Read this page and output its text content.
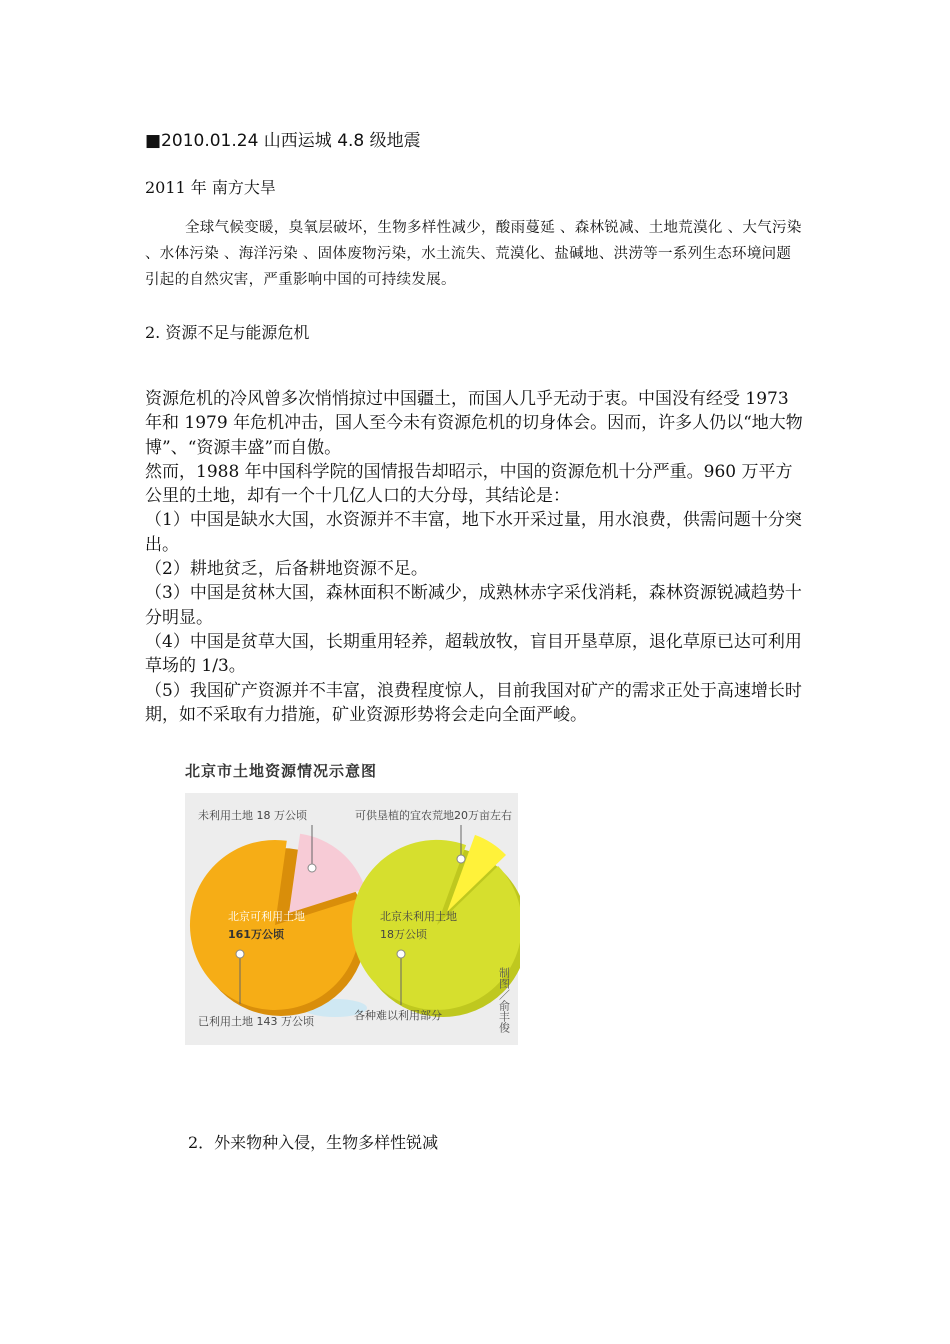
■2010.01.24 山西运城 4.8 级地震
2011 年 南方大旱
全球气候变暖，臭氧层破坏，生物多样性减少，酸雨蔓延 、森林锐减、土地荒漠化 、大气污染 、水体污染 、海洋污染 、固体废物污染，水土流失、荒漠化、盐碱地、洪涝等一系列生态环境问题引起的自然灾害，严重影响中国的可持续发展。
2. 资源不足与能源危机

资源危机的冷风曾多次悄悄掠过中国疆土，而国人几乎无动于衷。中国没有经受 1973 年和 1979 年危机冲击，国人至今未有资源危机的切身体会。因而，许多人仍以“地大物博”、“资源丰盛”而自傲。

然而，1988 年中国科学院的国情报告却昭示，中国的资源危机十分严重。960 万平方公里的土地，却有一个十几亿人口的大分母，其结论是：

（1）中国是缺水大国，水资源并不丰富，地下水开采过量，用水浪费，供需问题十分突出。

（2）耕地贫乏，后备耕地资源不足。

（3）中国是贫林大国，森林面积不断减少，成熟林赤字采伐消耗，森林资源锐减趋势十分明显。

（4）中国是贫草大国，长期重用轻养，超载放牧，盲目开垦草原，退化草原已达可利用草场的 1/3。

（5）我国矿产资源并不丰富，浪费程度惊人，目前我国对矿产的需求正处于高速增长时期，如不采取有力措施，矿业资源形势将会走向全面严峻。

北京市土地资源情况示意图
未利用土地 18 万公顷	可供垦植的宜农荒地20万亩左右
北京可利用土地
161万公顷
北京未利用土地
18万公顷
已利用土地 143 万公顷	各种难以利用部分	制图／俞丰俊
2．外来物种入侵，生物多样性锐减
